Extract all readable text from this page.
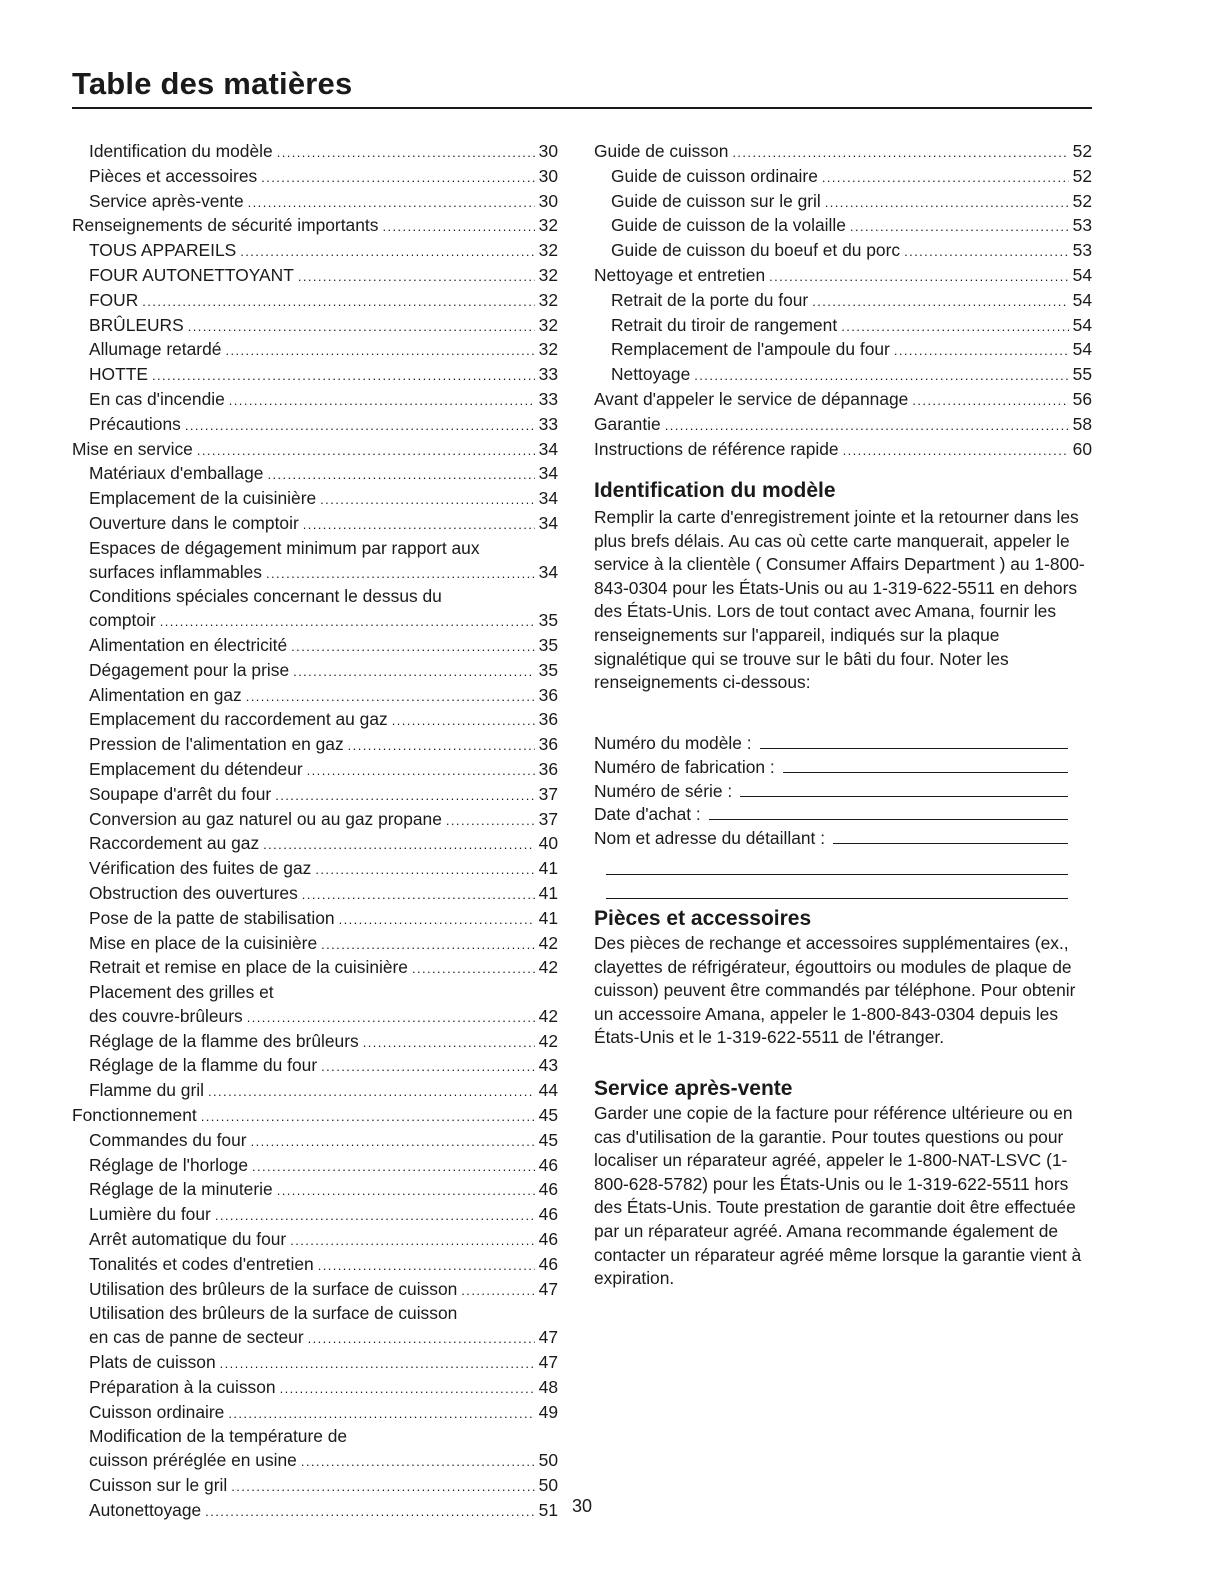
Table des matières
Identification du modèle .....	30
Pièces et accessoires .....	30
Service après-vente .....	30
Renseignements de sécurité importants .....	32
TOUS APPAREILS .....	32
FOUR AUTONETTOYANT .....	32
FOUR .....	32
BRÛLEURS .....	32
Allumage retardé .....	32
HOTTE .....	33
En cas d'incendie .....	33
Précautions .....	33
Mise en service .....	34
Matériaux d'emballage .....	34
Emplacement de la cuisinière .....	34
Ouverture dans le comptoir .....	34
Espaces de dégagement minimum par rapport aux
surfaces inflammables .....	34
Conditions spéciales concernant le dessus du
comptoir .....	35
Alimentation en électricité .....	35
Dégagement pour la prise .....	35
Alimentation en gaz .....	36
Emplacement du raccordement au gaz .....	36
Pression de l'alimentation en gaz .....	36
Emplacement du détendeur .....	36
Soupape d'arrêt du four .....	37
Conversion au gaz naturel ou au gaz propane .....	37
Raccordement au gaz .....	40
Vérification des fuites de gaz .....	41
Obstruction des ouvertures .....	41
Pose de la patte de stabilisation .....	41
Mise en place de la cuisinière .....	42
Retrait et remise en place de la cuisinière .....	42
Placement des grilles et
des couvre-brûleurs .....	42
Réglage de la flamme des brûleurs .....	42
Réglage de la flamme du four .....	43
Flamme du gril .....	44
Fonctionnement .....	45
Commandes du four .....	45
Réglage de l'horloge .....	46
Réglage de la minuterie .....	46
Lumière du four .....	46
Arrêt automatique du four .....	46
Tonalités et codes d'entretien .....	46
Utilisation des brûleurs de la surface de cuisson .....	47
Utilisation des brûleurs de la surface de cuisson
en cas de panne de secteur .....	47
Plats de cuisson .....	47
Préparation à la cuisson .....	48
Cuisson ordinaire .....	49
Modification de la température de
cuisson préréglée en usine .....	50
Cuisson sur le gril .....	50
Autonettoyage .....	51
Guide de cuisson .....	52
Guide de cuisson ordinaire .....	52
Guide de cuisson sur le gril .....	52
Guide de cuisson de la volaille .....	53
Guide de cuisson du boeuf et du porc .....	53
Nettoyage et entretien .....	54
Retrait de la porte du four .....	54
Retrait du tiroir de rangement .....	54
Remplacement de l'ampoule du four .....	54
Nettoyage .....	55
Avant d'appeler le service de dépannage .....	56
Garantie .....	58
Instructions de référence rapide .....	60
Identification du modèle

Remplir la carte d'enregistrement jointe et la retourner dans les plus brefs délais. Au cas où cette carte manquerait, appeler le service à la clientèle ( Consumer Affairs Department ) au 1-800-843-0304 pour les États-Unis ou au 1-319-622-5511 en dehors des États-Unis. Lors de tout contact avec Amana, fournir les renseignements sur l'appareil, indiqués sur la plaque signalétique qui se trouve sur le bâti du four. Noter les renseignements ci-dessous:

Numéro du modèle :
Numéro de fabrication :
Numéro de série :
Date d'achat :
Nom et adresse du détaillant :
Pièces et accessoires

Des pièces de rechange et accessoires supplémentaires (ex., clayettes de réfrigérateur, égouttoirs ou modules de plaque de cuisson) peuvent être commandés par téléphone. Pour obtenir un accessoire Amana, appeler le 1-800-843-0304 depuis les États-Unis et le 1-319-622-5511 de l'étranger.

Service après-vente

Garder une copie de la facture pour référence ultérieure ou en cas d'utilisation de la garantie. Pour toutes questions ou pour localiser un réparateur agréé, appeler le 1-800-NAT-LSVC (1-800-628-5782) pour les États-Unis ou le 1-319-622-5511 hors des États-Unis. Toute prestation de garantie doit être effectuée par un réparateur agréé. Amana recommande également de contacter un réparateur agréé même lorsque la garantie vient à expiration.

30
